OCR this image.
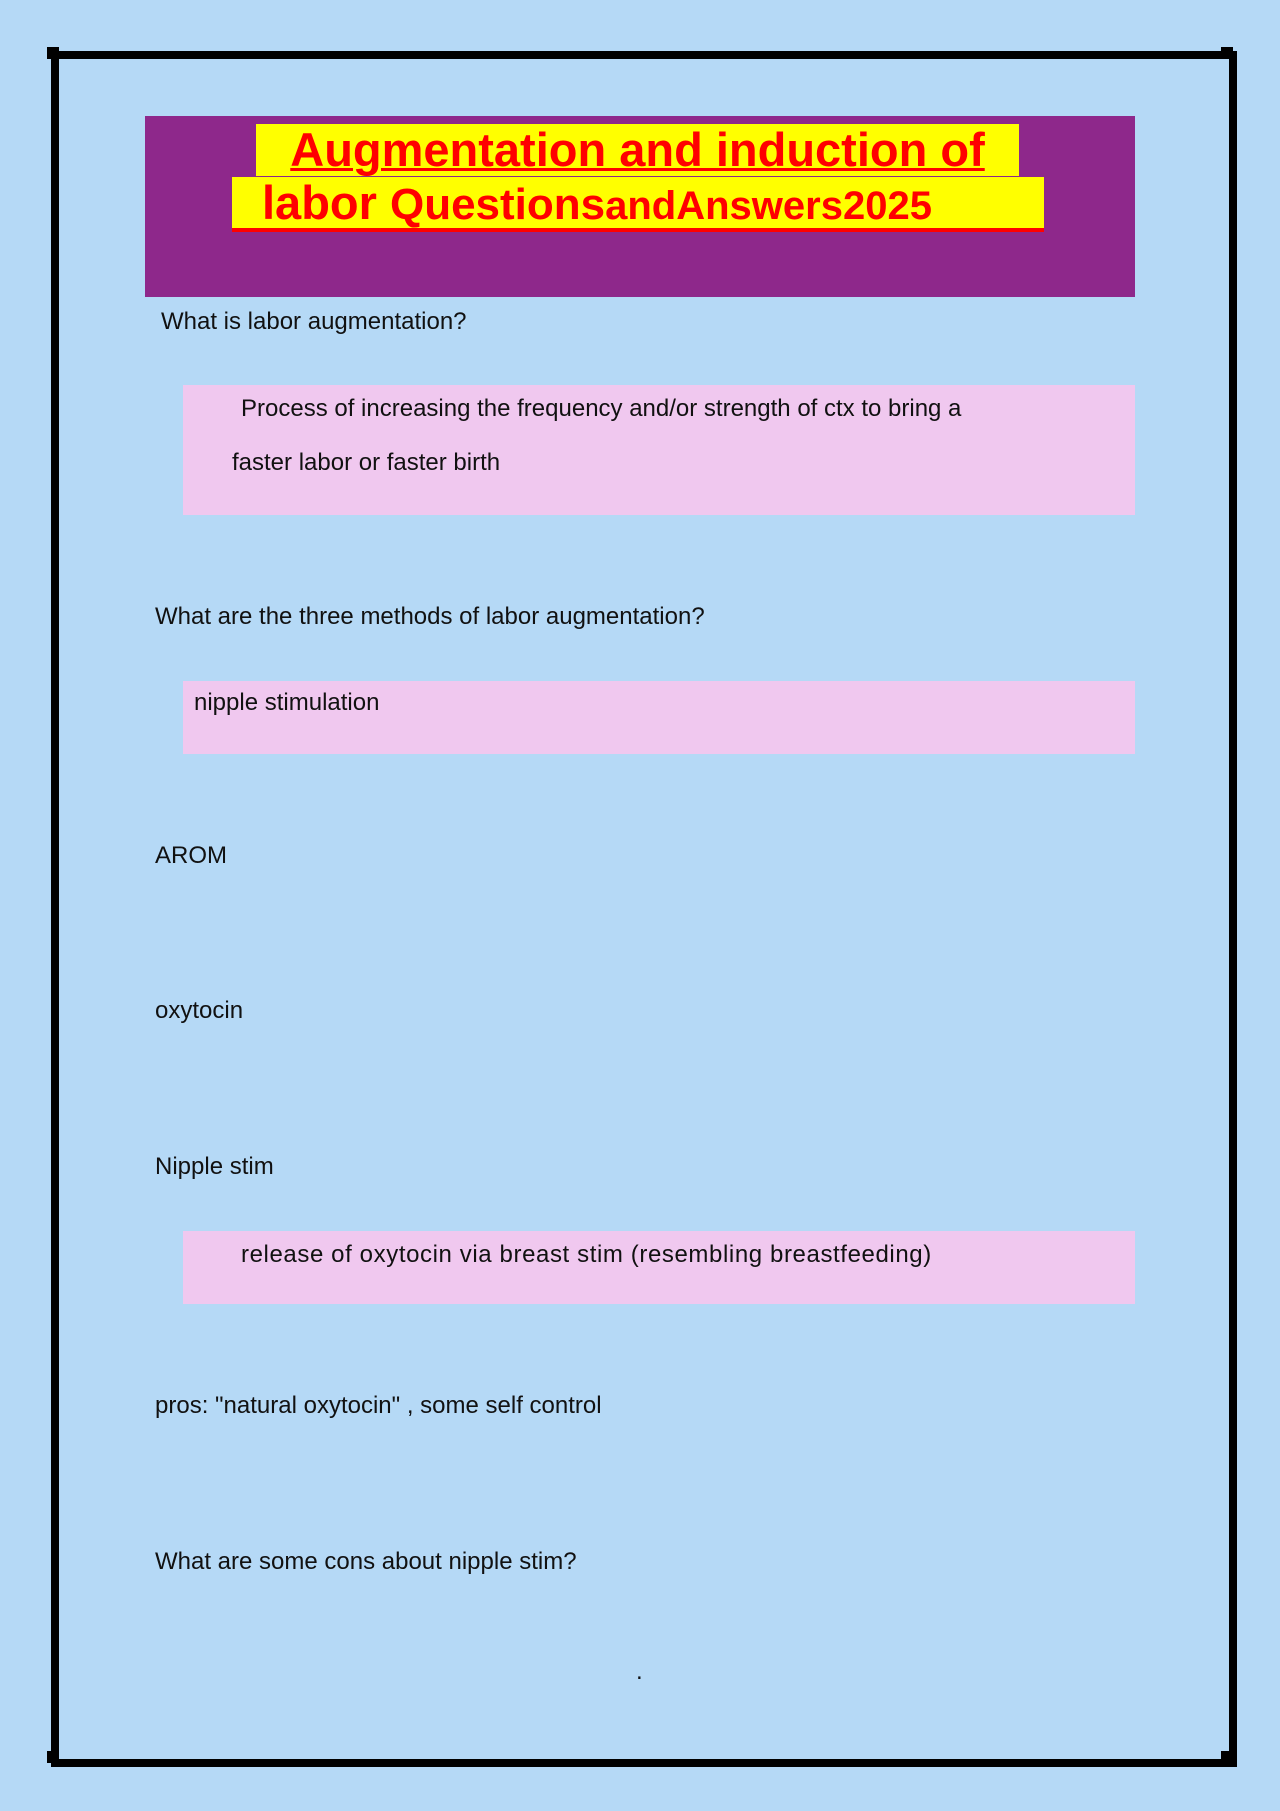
Augmentation and induction of
labor QuestionsandAnswers2025
What is labor augmentation?
Process of increasing the frequency and/or strength of ctx to bring a
faster labor or faster birth
What are the three methods of labor augmentation?
nipple stimulation
AROM
oxytocin
Nipple stim
release of oxytocin via breast stim (resembling breastfeeding)
pros: "natural oxytocin" , some self control
What are some cons about nipple stim?
.
